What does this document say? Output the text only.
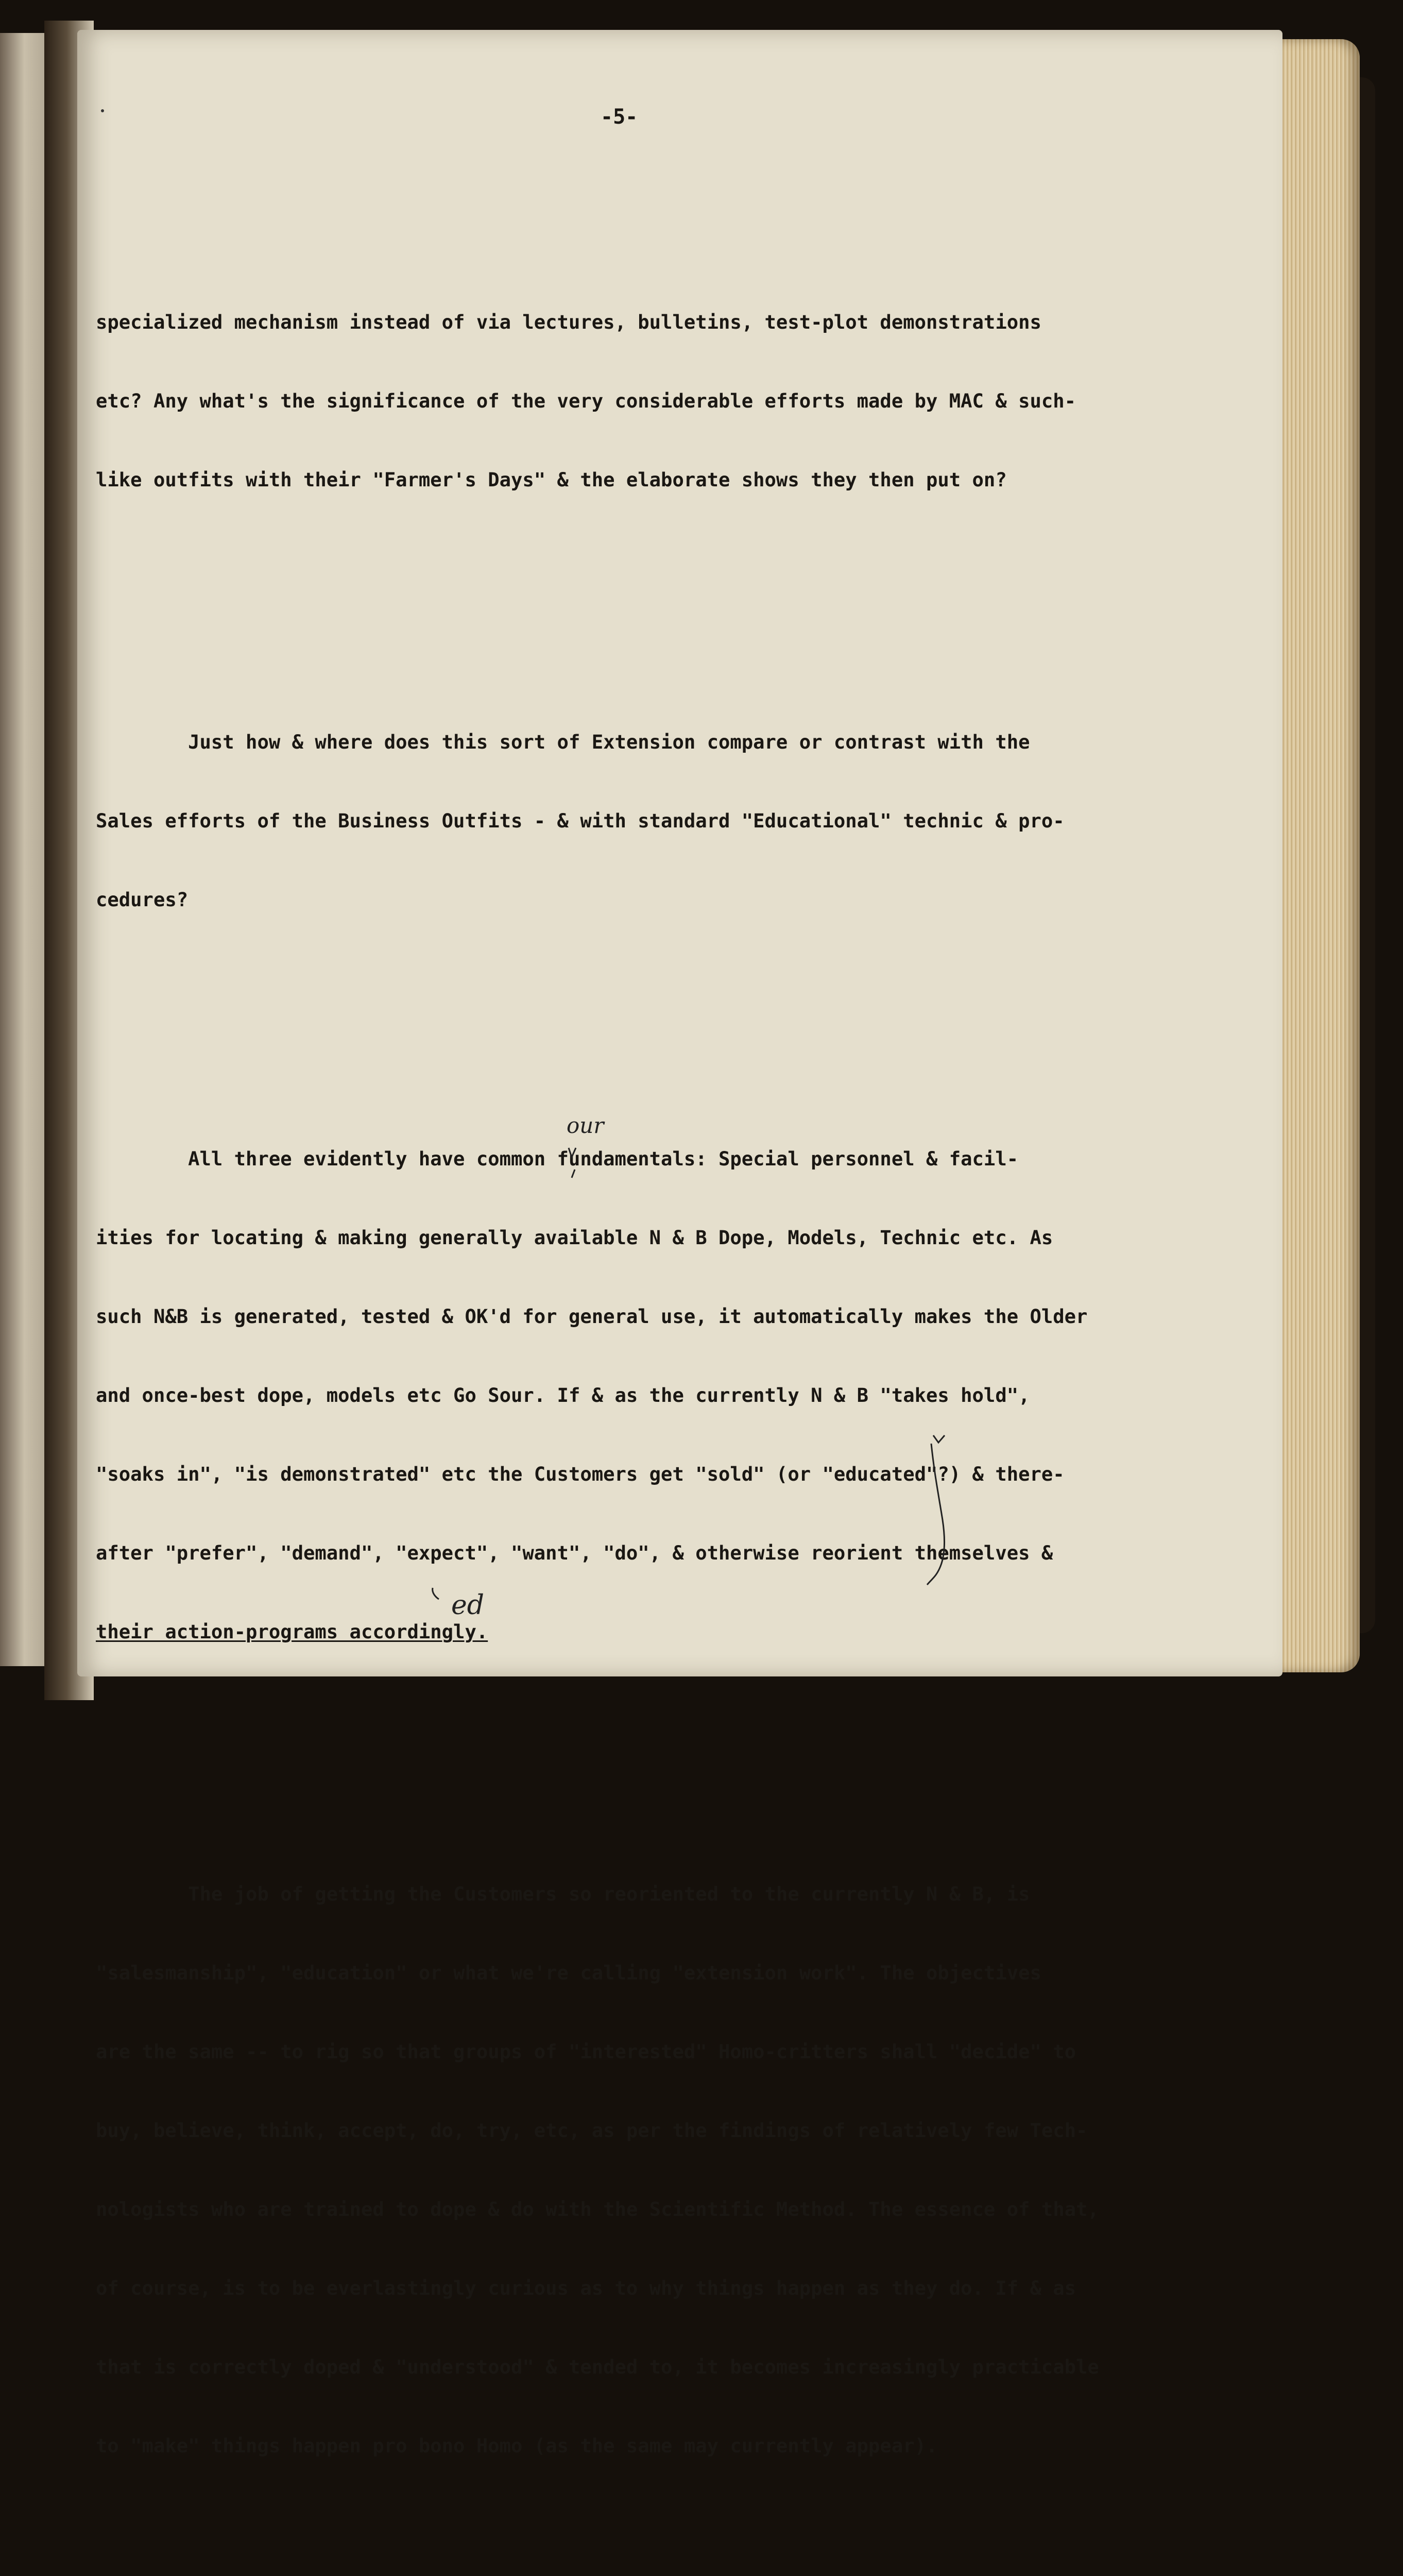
-5-

specialized mechanism instead of via lectures, bulletins, test-plot demonstrations

etc? Any what's the significance of the very considerable efforts made by MAC & such-

like outfits with their "Farmer's Days" & the elaborate shows they then put on?

Just how & where does this sort of Extension compare or contrast with the

Sales efforts of the Business Outfits - & with standard "Educational" technic & pro-

cedures?

All three evidently have common fundamentals: Special personnel & facil-

ities for locating & making generally available N & B Dope, Models, Technic etc. As

such N&B is generated, tested & OK'd for general use, it automatically makes the Older

and once-best dope, models etc Go Sour. If & as the currently N & B "takes hold",

"soaks in", "is demonstrated" etc the Customers get "sold" (or "educated"?) & there-

after "prefer", "demand", "expect", "want", "do", & otherwise reorient themselves &

their action-programs accordingly.

The job of getting the Customers so reoriented to the currently N & B, is

"salesmanship", "education" or what we're calling "extension work". The objectives

are the same -- to rig so that groups of "interested" Homo-critters shall "decide" to

buy, believe, think, accept, do, try, etc, as per the findings of relatively few Tech-

nologists who are trained to dope & do with the Scientific Method. The essence of that,

of course, is to be everlastingly curious as to why things happen as they do. If & as

that is correctly doped & "understood" & tended to, it becomes increasingly practicable

to "make" things happen pro bono Homo (as the same may currently appear).

our
ed
